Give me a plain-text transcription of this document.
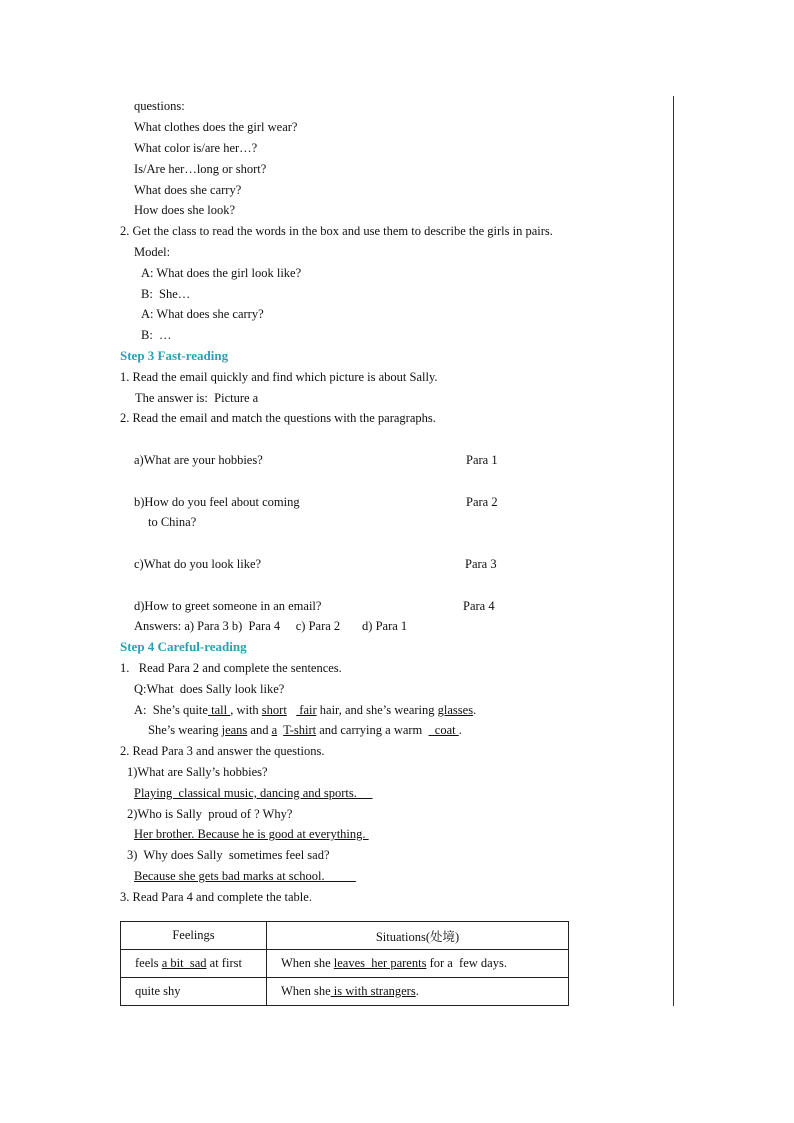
questions:
What clothes does the girl wear?
What color is/are her…?
Is/Are her…long or short?
What does she carry?
How does she look?
2. Get the class to read the words in the box and use them to describe the girls in pairs.
Model:
A: What does the girl look like?
B:  She…
A: What does she carry?
B:  …
Step 3 Fast-reading
1. Read the email quickly and find which picture is about Sally.
The answer is:  Picture a
2. Read the email and match the questions with the paragraphs.
a)What are your hobbies?	Para 1
b)How do you feel about coming	Para 2
to China?
c)What do you look like?	Para 3
d)How to greet someone in an email?	Para 4
Answers: a) Para 3 b)  Para 4     c) Para 2       d) Para 1
Step 4 Careful-reading
1.   Read Para 2 and complete the sentences.
Q:What  does Sally look like?
A:  She’s quite tall , with short    fair hair, and she’s wearing glasses.
She’s wearing jeans and a T-shirt and carrying a warm    coat .
2. Read Para 3 and answer the questions.
1)What are Sally’s hobbies?
Playing  classical music, dancing and sports.
2)Who is Sally  proud of ? Why?
Her brother. Because he is good at everything.
3)  Why does Sally  sometimes feel sad?
Because she gets bad marks at school.
3. Read Para 4 and complete the table.
Feelings	Situations(处境)
feels a bit  sad at first	When she leaves  her parents for a  few days.
quite shy	When she is with strangers.
